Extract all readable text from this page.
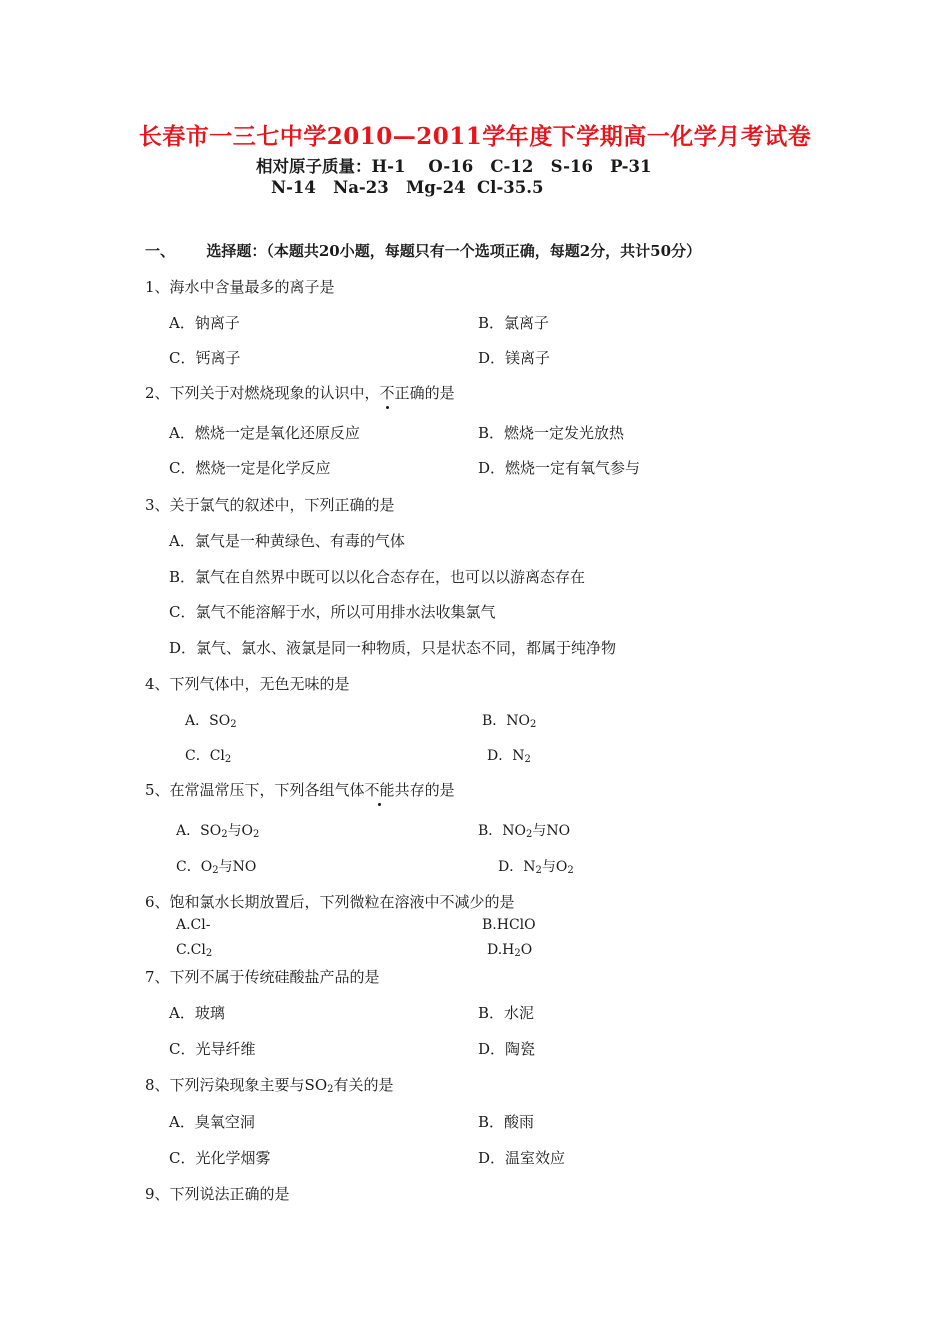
长春市一三七中学2010—2011学年度下学期高一化学月考试卷
相对原子质量：H-1    O-16   C-12   S-16   P-31
N-14   Na-23   Mg-24  Cl-35.5
一、      选择题：（本题共20小题，每题只有一个选项正确，每题2分，共计50分）
1、海水中含量最多的离子是
A．钠离子	B．氯离子
C．钙离子	D．镁离子
2、下列关于对燃烧现象的认识中，不正确的是
A．燃烧一定是氧化还原反应	B．燃烧一定发光放热
C．燃烧一定是化学反应	D．燃烧一定有氧气参与
3、关于氯气的叙述中，下列正确的是
A．氯气是一种黄绿色、有毒的气体
B．氯气在自然界中既可以以化合态存在，也可以以游离态存在
C．氯气不能溶解于水，所以可用排水法收集氯气
D．氯气、氯水、液氯是同一种物质，只是状态不同，都属于纯净物
4、下列气体中，无色无味的是
A．$SO_2$	B．$NO_2$
C．$Cl_2$	D．$N_2$
5、在常温常压下，下列各组气体不能共存的是
A．$SO_2$与$O_2$	B．$NO_2$与NO
C．$O_2$与NO	D．$N_2$与$O_2$
6、饱和氯水长期放置后，下列微粒在溶液中不减少的是
A.Cl-	B.HClO
$C.Cl_2$	$D.H_2O$
7、下列不属于传统硅酸盐产品的是
A．玻璃	B．水泥
C．光导纤维	D．陶瓷
8、下列污染现象主要与$SO_2$有关的是
A．臭氧空洞	B．酸雨
C．光化学烟雾	D．温室效应
9、下列说法正确的是
